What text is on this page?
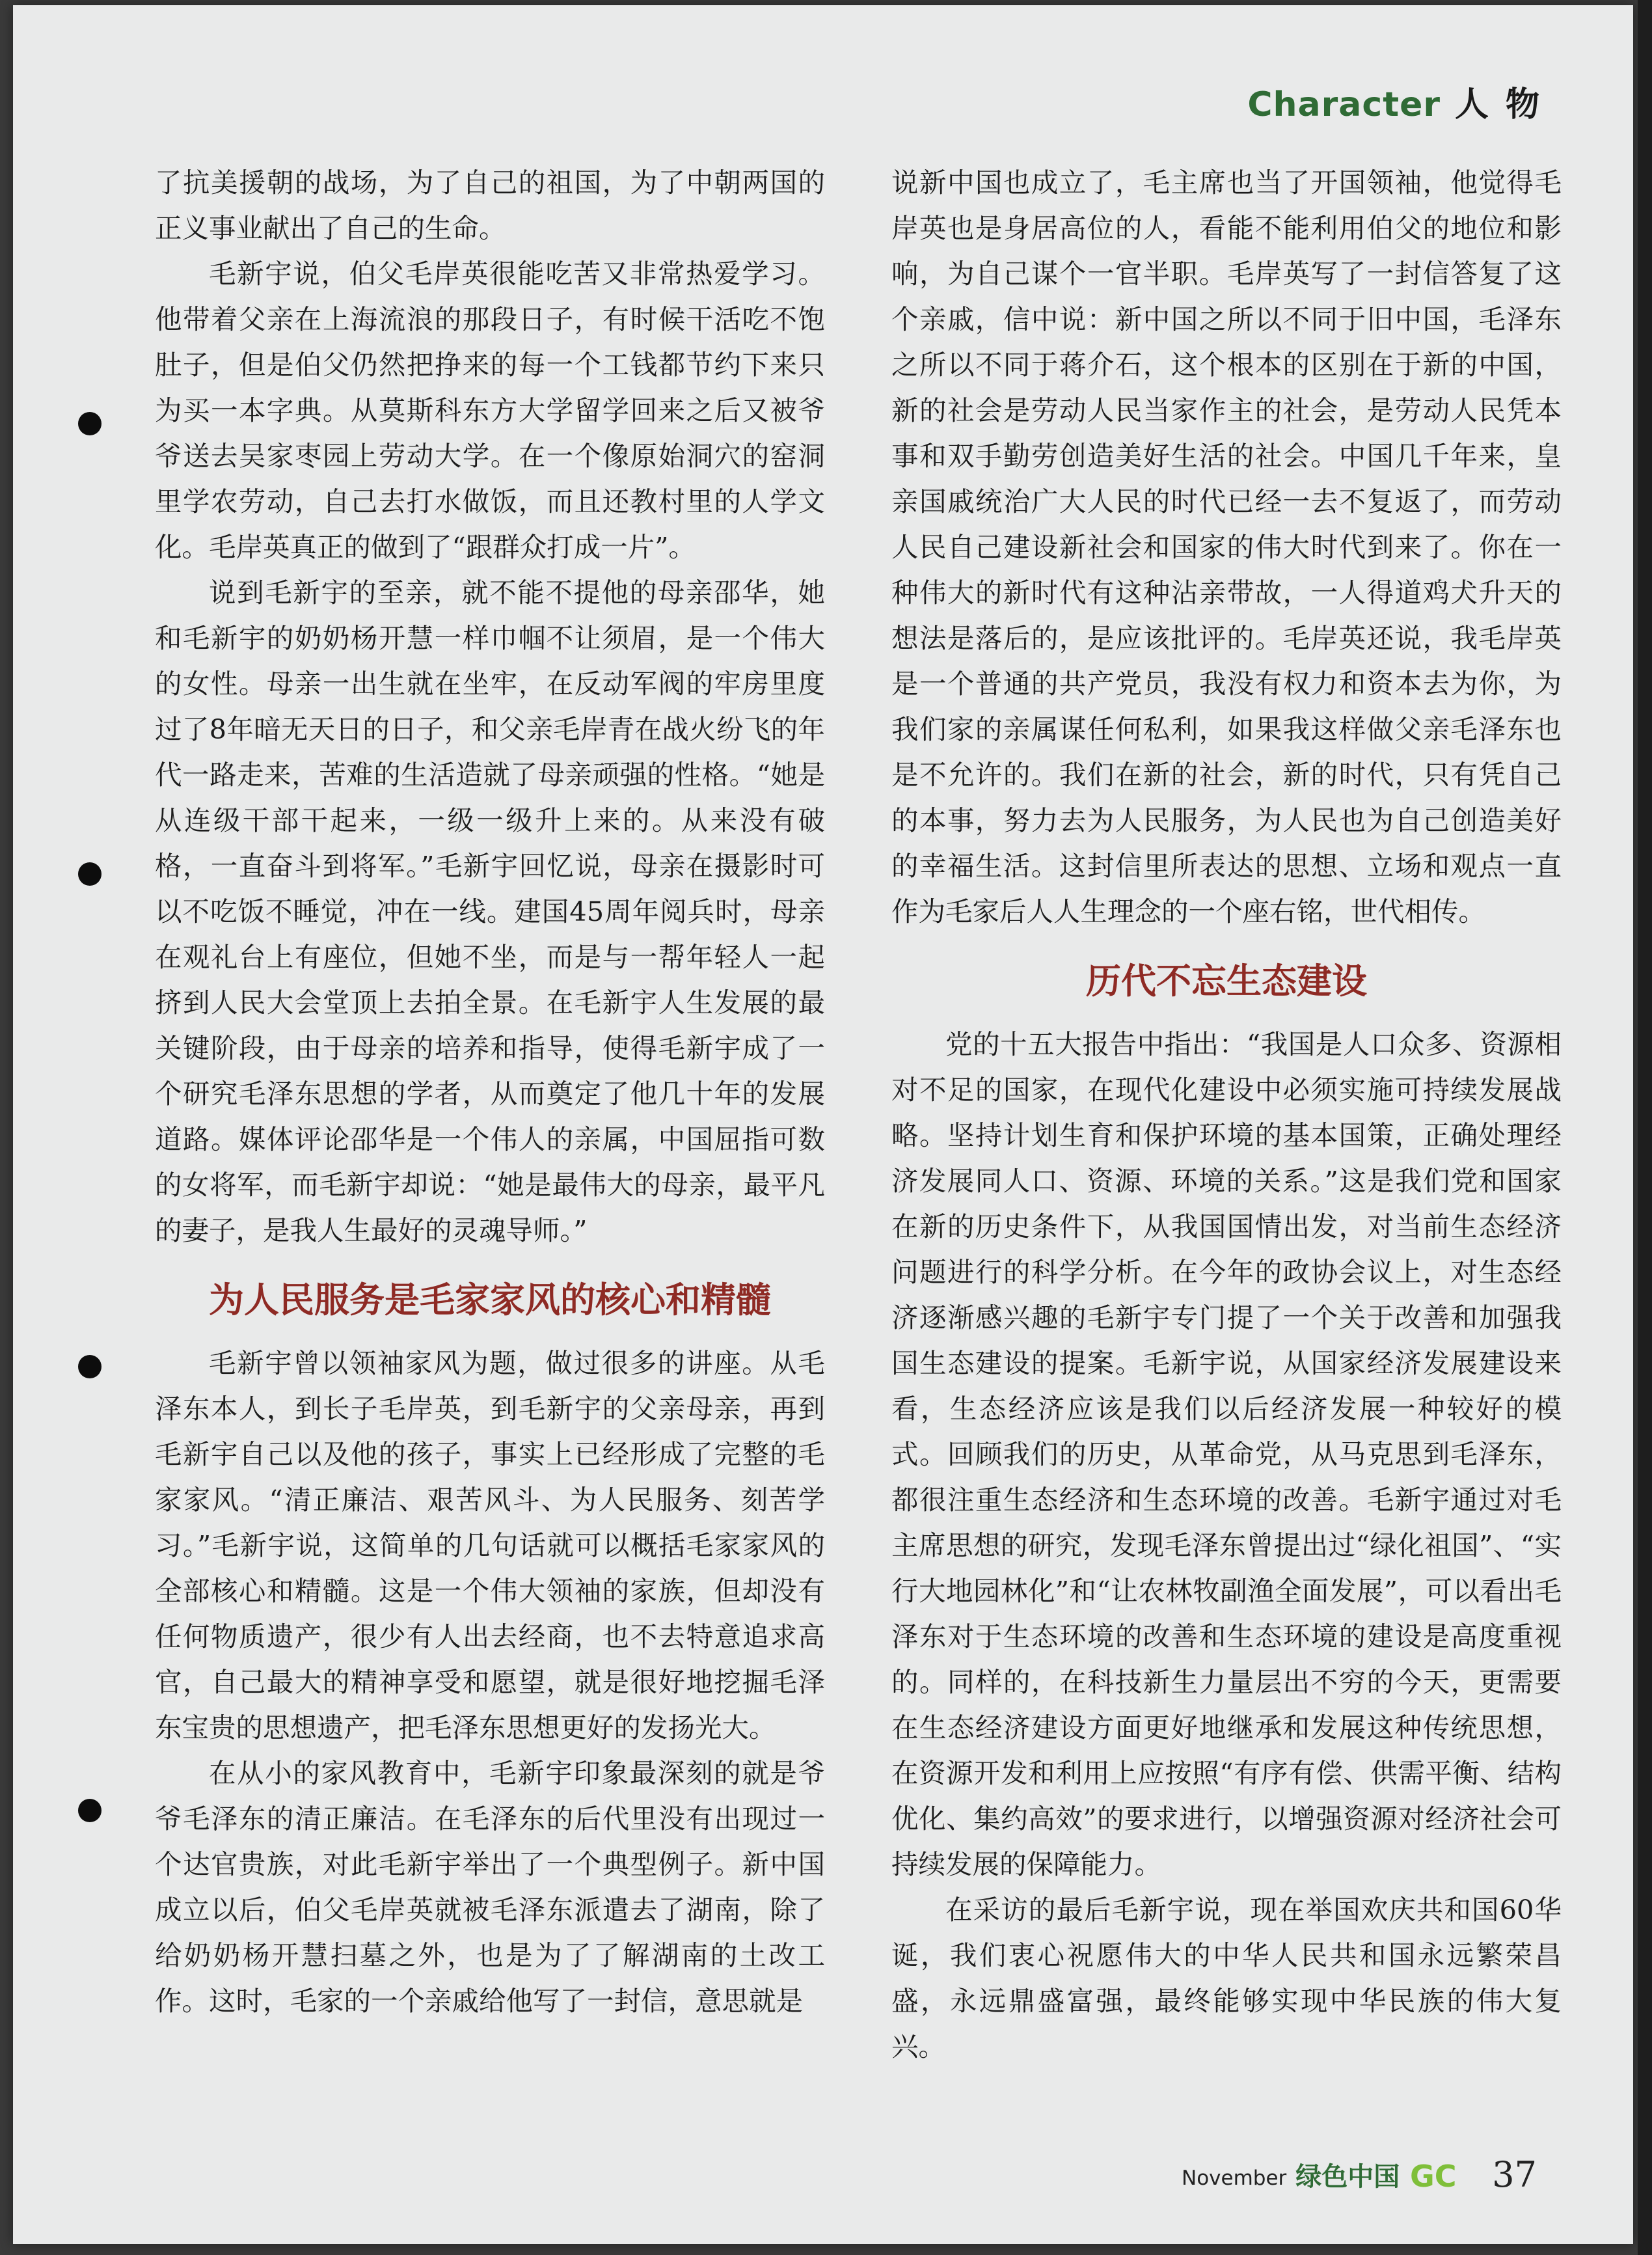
Character 人物

了抗美援朝的战场，为了自己的祖国，为了中朝两国的正义事业献出了自己的生命。

毛新宇说，伯父毛岸英很能吃苦又非常热爱学习。他带着父亲在上海流浪的那段日子，有时候干活吃不饱肚子，但是伯父仍然把挣来的每一个工钱都节约下来只为买一本字典。从莫斯科东方大学留学回来之后又被爷爷送去吴家枣园上劳动大学。在一个像原始洞穴的窑洞里学农劳动，自己去打水做饭，而且还教村里的人学文化。毛岸英真正的做到了“跟群众打成一片”。

说到毛新宇的至亲，就不能不提他的母亲邵华，她和毛新宇的奶奶杨开慧一样巾帼不让须眉，是一个伟大的女性。母亲一出生就在坐牢，在反动军阀的牢房里度过了8年暗无天日的日子，和父亲毛岸青在战火纷飞的年代一路走来，苦难的生活造就了母亲顽强的性格。“她是从连级干部干起来，一级一级升上来的。从来没有破格，一直奋斗到将军。”毛新宇回忆说，母亲在摄影时可以不吃饭不睡觉，冲在一线。建国45周年阅兵时，母亲在观礼台上有座位，但她不坐，而是与一帮年轻人一起挤到人民大会堂顶上去拍全景。在毛新宇人生发展的最关键阶段，由于母亲的培养和指导，使得毛新宇成了一个研究毛泽东思想的学者，从而奠定了他几十年的发展道路。媒体评论邵华是一个伟人的亲属，中国屈指可数的女将军，而毛新宇却说：“她是最伟大的母亲，最平凡的妻子，是我人生最好的灵魂导师。”

为人民服务是毛家家风的核心和精髓

毛新宇曾以领袖家风为题，做过很多的讲座。从毛泽东本人，到长子毛岸英，到毛新宇的父亲母亲，再到毛新宇自己以及他的孩子，事实上已经形成了完整的毛家家风。“清正廉洁、艰苦风斗、为人民服务、刻苦学习。”毛新宇说，这简单的几句话就可以概括毛家家风的全部核心和精髓。这是一个伟大领袖的家族，但却没有任何物质遗产，很少有人出去经商，也不去特意追求高官，自己最大的精神享受和愿望，就是很好地挖掘毛泽东宝贵的思想遗产，把毛泽东思想更好的发扬光大。

在从小的家风教育中，毛新宇印象最深刻的就是爷爷毛泽东的清正廉洁。在毛泽东的后代里没有出现过一个达官贵族，对此毛新宇举出了一个典型例子。新中国成立以后，伯父毛岸英就被毛泽东派遣去了湖南，除了给奶奶杨开慧扫墓之外，也是为了了解湖南的土改工作。这时，毛家的一个亲戚给他写了一封信，意思就是

说新中国也成立了，毛主席也当了开国领袖，他觉得毛岸英也是身居高位的人，看能不能利用伯父的地位和影响，为自己谋个一官半职。毛岸英写了一封信答复了这个亲戚，信中说：新中国之所以不同于旧中国，毛泽东之所以不同于蒋介石，这个根本的区别在于新的中国，新的社会是劳动人民当家作主的社会，是劳动人民凭本事和双手勤劳创造美好生活的社会。中国几千年来，皇亲国戚统治广大人民的时代已经一去不复返了，而劳动人民自己建设新社会和国家的伟大时代到来了。你在一种伟大的新时代有这种沾亲带故，一人得道鸡犬升天的想法是落后的，是应该批评的。毛岸英还说，我毛岸英是一个普通的共产党员，我没有权力和资本去为你，为我们家的亲属谋任何私利，如果我这样做父亲毛泽东也是不允许的。我们在新的社会，新的时代，只有凭自己的本事，努力去为人民服务，为人民也为自己创造美好的幸福生活。这封信里所表达的思想、立场和观点一直作为毛家后人人生理念的一个座右铭，世代相传。

历代不忘生态建设

党的十五大报告中指出：“我国是人口众多、资源相对不足的国家，在现代化建设中必须实施可持续发展战略。坚持计划生育和保护环境的基本国策，正确处理经济发展同人口、资源、环境的关系。”这是我们党和国家在新的历史条件下，从我国国情出发，对当前生态经济问题进行的科学分析。在今年的政协会议上，对生态经济逐渐感兴趣的毛新宇专门提了一个关于改善和加强我国生态建设的提案。毛新宇说，从国家经济发展建设来看，生态经济应该是我们以后经济发展一种较好的模式。回顾我们的历史，从革命党，从马克思到毛泽东，都很注重生态经济和生态环境的改善。毛新宇通过对毛主席思想的研究，发现毛泽东曾提出过“绿化祖国”、“实行大地园林化”和“让农林牧副渔全面发展”，可以看出毛泽东对于生态环境的改善和生态环境的建设是高度重视的。同样的，在科技新生力量层出不穷的今天，更需要在生态经济建设方面更好地继承和发展这种传统思想，在资源开发和利用上应按照“有序有偿、供需平衡、结构优化、集约高效”的要求进行，以增强资源对经济社会可持续发展的保障能力。

在采访的最后毛新宇说，现在举国欢庆共和国60华诞，我们衷心祝愿伟大的中华人民共和国永远繁荣昌盛，永远鼎盛富强，最终能够实现中华民族的伟大复兴。

November 绿色中国 GC 37
